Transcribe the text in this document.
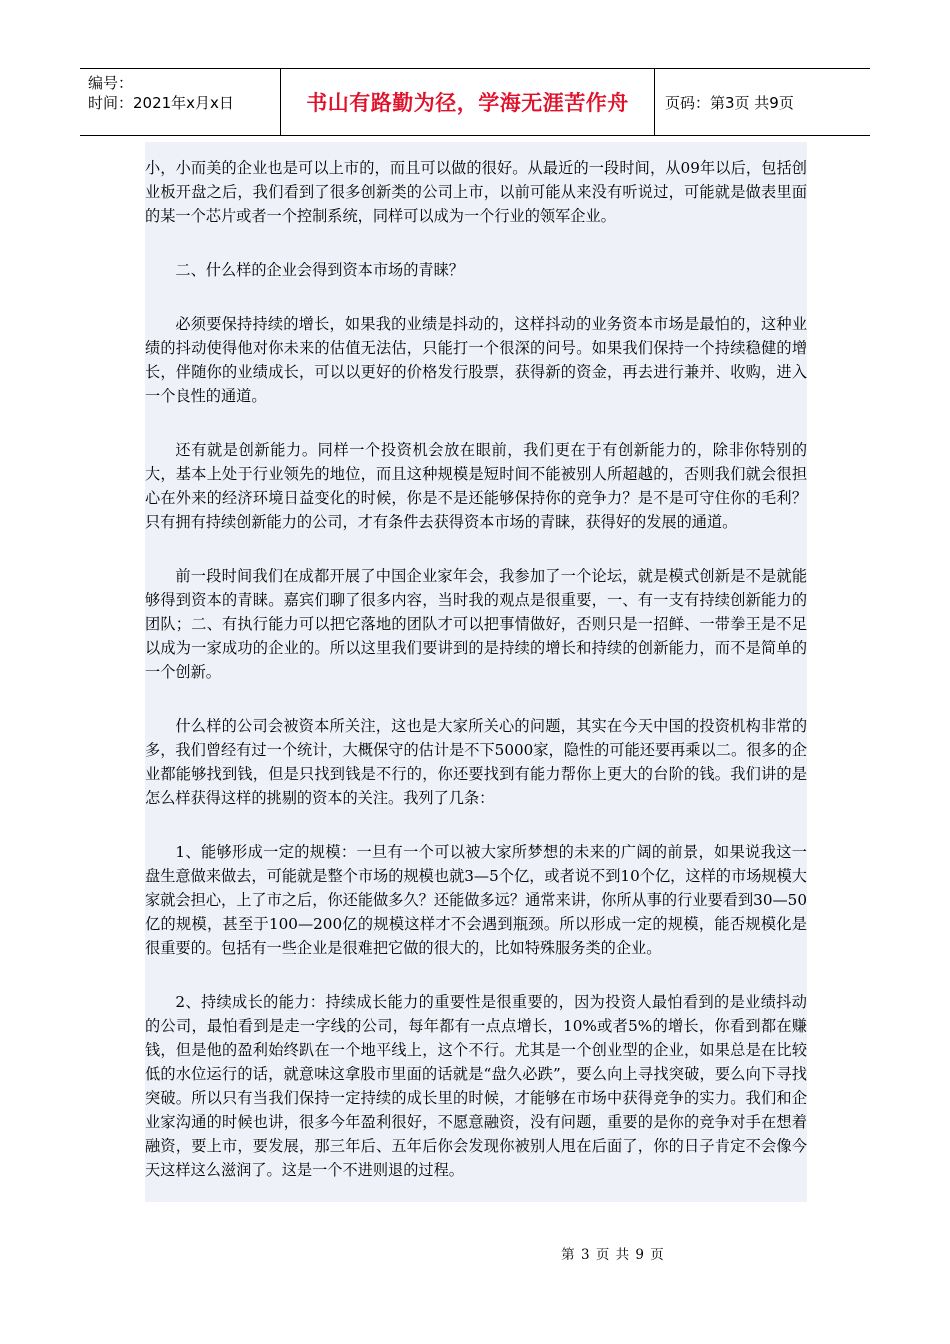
编号：
时间：2021年x月x日	书山有路勤为径，学海无涯苦作舟	页码：第3页 共9页

小，小而美的企业也是可以上市的，而且可以做的很好。从最近的一段时间，从09年以后，包括创业板开盘之后，我们看到了很多创新类的公司上市，以前可能从来没有听说过，可能就是做表里面的某一个芯片或者一个控制系统，同样可以成为一个行业的领军企业。

二、什么样的企业会得到资本市场的青睐？

必须要保持持续的增长，如果我的业绩是抖动的，这样抖动的业务资本市场是最怕的，这种业绩的抖动使得他对你未来的估值无法估，只能打一个很深的问号。如果我们保持一个持续稳健的增长，伴随你的业绩成长，可以以更好的价格发行股票，获得新的资金，再去进行兼并、收购，进入一个良性的通道。

还有就是创新能力。同样一个投资机会放在眼前，我们更在于有创新能力的，除非你特别的大，基本上处于行业领先的地位，而且这种规模是短时间不能被别人所超越的，否则我们就会很担心在外来的经济环境日益变化的时候，你是不是还能够保持你的竞争力？是不是可守住你的毛利？只有拥有持续创新能力的公司，才有条件去获得资本市场的青睐，获得好的发展的通道。

前一段时间我们在成都开展了中国企业家年会，我参加了一个论坛，就是模式创新是不是就能够得到资本的青睐。嘉宾们聊了很多内容，当时我的观点是很重要，一、有一支有持续创新能力的团队；二、有执行能力可以把它落地的团队才可以把事情做好，否则只是一招鲜、一带拳王是不足以成为一家成功的企业的。所以这里我们要讲到的是持续的增长和持续的创新能力，而不是简单的一个创新。

什么样的公司会被资本所关注，这也是大家所关心的问题，其实在今天中国的投资机构非常的多，我们曾经有过一个统计，大概保守的估计是不下5000家，隐性的可能还要再乘以二。很多的企业都能够找到钱，但是只找到钱是不行的，你还要找到有能力帮你上更大的台阶的钱。我们讲的是怎么样获得这样的挑剔的资本的关注。我列了几条：

1、能够形成一定的规模：一旦有一个可以被大家所梦想的未来的广阔的前景，如果说我这一盘生意做来做去，可能就是整个市场的规模也就3—5个亿，或者说不到10个亿，这样的市场规模大家就会担心，上了市之后，你还能做多久？还能做多远？通常来讲，你所从事的行业要看到30—50亿的规模，甚至于100—200亿的规模这样才不会遇到瓶颈。所以形成一定的规模，能否规模化是很重要的。包括有一些企业是很难把它做的很大的，比如特殊服务类的企业。

2、持续成长的能力：持续成长能力的重要性是很重要的，因为投资人最怕看到的是业绩抖动的公司，最怕看到是走一字线的公司，每年都有一点点增长，10%或者5%的增长，你看到都在赚钱，但是他的盈利始终趴在一个地平线上，这个不行。尤其是一个创业型的企业，如果总是在比较低的水位运行的话，就意味这拿股市里面的话就是“盘久必跌”，要么向上寻找突破，要么向下寻找突破。所以只有当我们保持一定持续的成长里的时候，才能够在市场中获得竞争的实力。我们和企业家沟通的时候也讲，很多今年盈利很好，不愿意融资，没有问题，重要的是你的竞争对手在想着融资，要上市，要发展，那三年后、五年后你会发现你被别人甩在后面了，你的日子肯定不会像今天这样这么滋润了。这是一个不进则退的过程。

第 3 页 共 9 页
